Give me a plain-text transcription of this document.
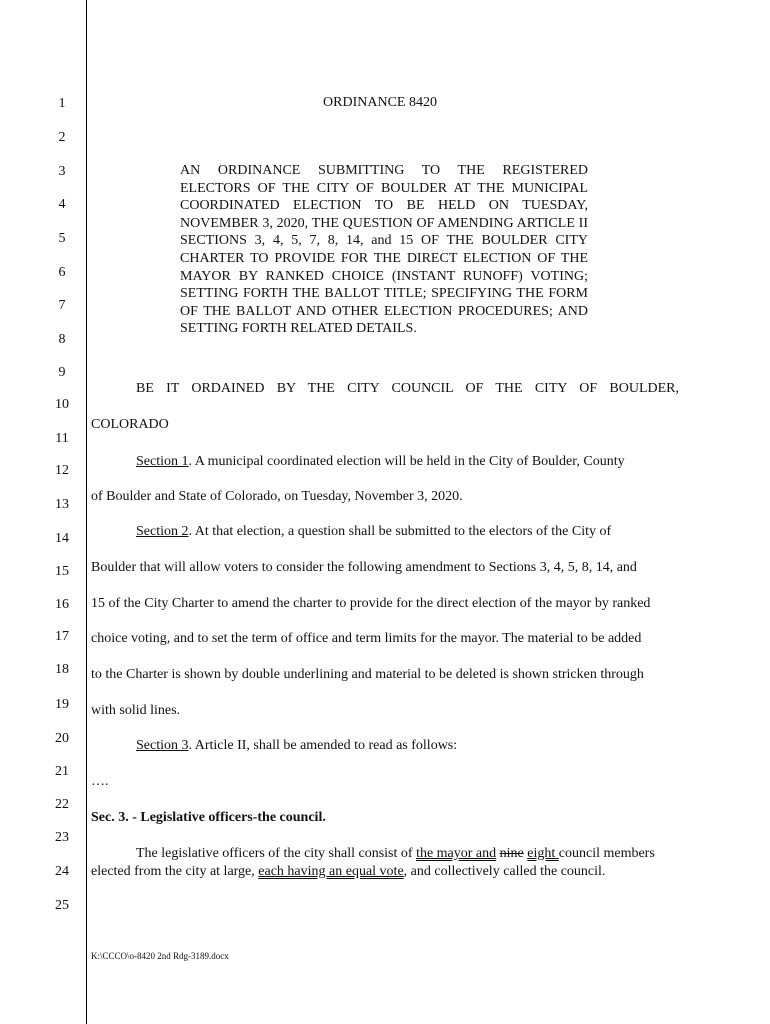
1
2
3
4
5
6
7
8
9
10
11
12
13
14
15
16
17
18
19
20
21
22
23
24
25
ORDINANCE 8420
AN ORDINANCE SUBMITTING TO THE REGISTERED ELECTORS OF THE CITY OF BOULDER AT THE MUNICIPAL COORDINATED ELECTION TO BE HELD ON TUESDAY, NOVEMBER 3, 2020, THE QUESTION OF AMENDING ARTICLE II SECTIONS 3, 4, 5, 7, 8, 14, and 15 OF THE BOULDER CITY CHARTER TO PROVIDE FOR THE DIRECT ELECTION OF THE MAYOR BY RANKED CHOICE (INSTANT RUNOFF) VOTING; SETTING FORTH THE BALLOT TITLE; SPECIFYING THE FORM OF THE BALLOT AND OTHER ELECTION PROCEDURES; AND SETTING FORTH RELATED DETAILS.
BE IT ORDAINED BY THE CITY COUNCIL OF THE CITY OF BOULDER,
COLORADO
Section 1. A municipal coordinated election will be held in the City of Boulder, County
of Boulder and State of Colorado, on Tuesday, November 3, 2020.
Section 2. At that election, a question shall be submitted to the electors of the City of
Boulder that will allow voters to consider the following amendment to Sections 3, 4, 5, 8, 14, and
15 of the City Charter to amend the charter to provide for the direct election of the mayor by ranked
choice voting, and to set the term of office and term limits for the mayor. The material to be added
to the Charter is shown by double underlining and material to be deleted is shown stricken through
with solid lines.
Section 3. Article II, shall be amended to read as follows:
….
Sec. 3. - Legislative officers-the council.
The legislative officers of the city shall consist of the mayor and nine eight council members elected from the city at large, each having an equal vote, and collectively called the council.
K:\CCCO\o-8420 2nd Rdg-3189.docx
